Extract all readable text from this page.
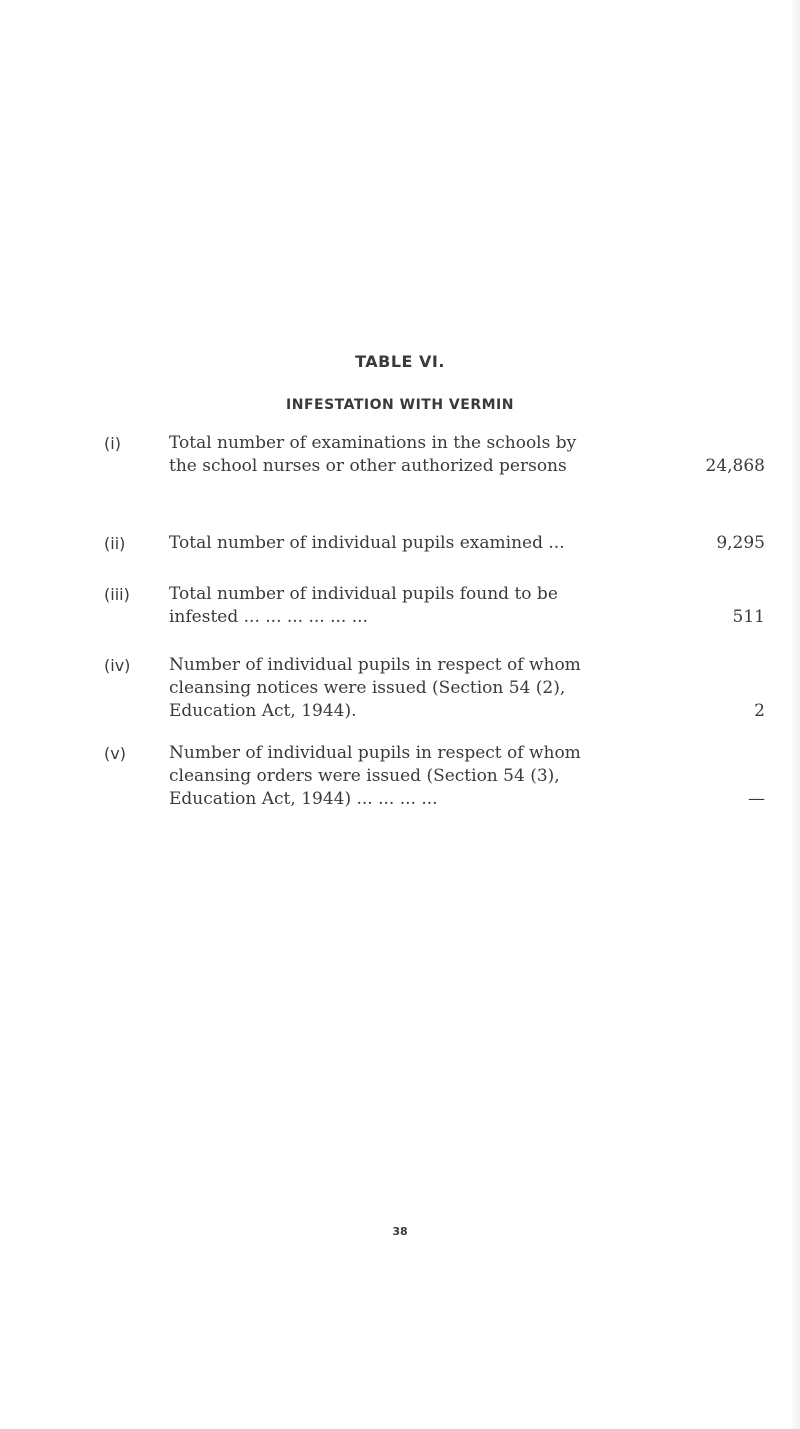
TABLE VI.
INFESTATION WITH VERMIN
(i)	Total number of examinations in the schools by
the school nurses or other authorized persons	24,868
(ii)	Total number of individual pupils examined ...	9,295
(iii) Total number of individual pupils found to be
infested ... ... ... ... ... ...	511
(iv) Number of individual pupils in respect of whom
cleansing notices were issued (Section 54 (2),
Education Act, 1944).	2
(v)	Number of individual pupils in respect of whom
cleansing orders were issued (Section 54 (3),
Education Act, 1944) ... ... ... ...	—
38
